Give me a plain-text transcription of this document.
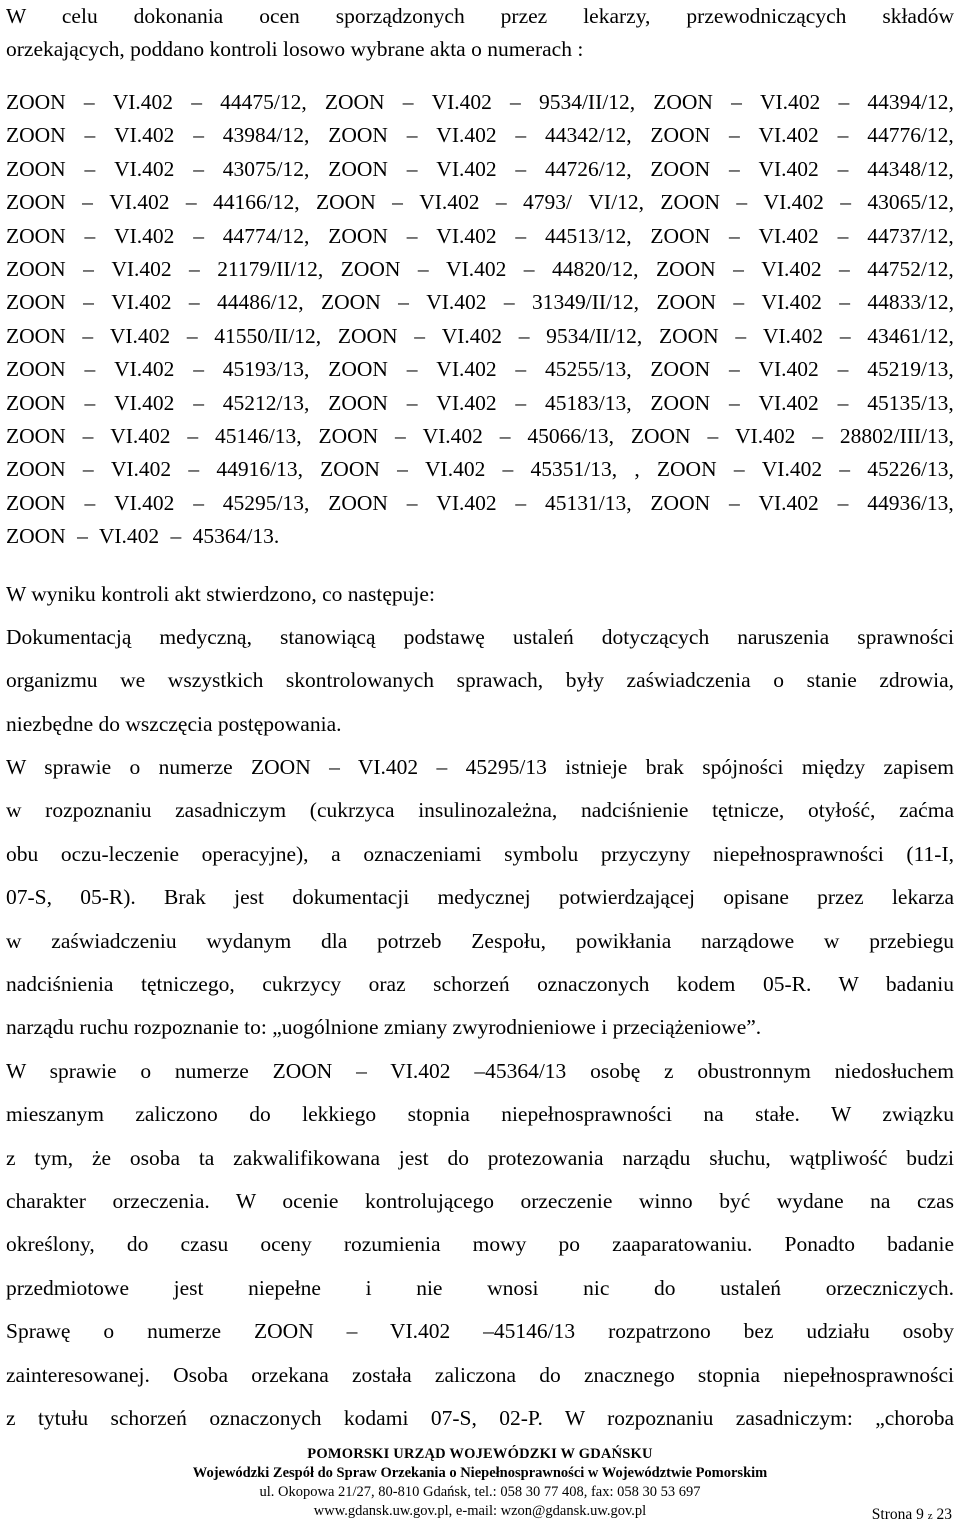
W celu dokonania ocen sporządzonych przez lekarzy, przewodniczących składów

orzekających, poddano kontroli losowo wybrane akta o numerach :

ZOON – VI.402 – 44475/12, ZOON – VI.402 – 9534/II/12, ZOON – VI.402 – 44394/12,
ZOON – VI.402 – 43984/12, ZOON – VI.402 – 44342/12, ZOON – VI.402 – 44776/12,
ZOON – VI.402 – 43075/12, ZOON – VI.402 – 44726/12, ZOON – VI.402 – 44348/12,
ZOON – VI.402 – 44166/12, ZOON – VI.402 – 4793/ VI/12, ZOON – VI.402 – 43065/12,
ZOON – VI.402 – 44774/12, ZOON – VI.402 – 44513/12, ZOON – VI.402 – 44737/12,
ZOON – VI.402 – 21179/II/12, ZOON – VI.402 – 44820/12, ZOON – VI.402 – 44752/12,
ZOON – VI.402 – 44486/12, ZOON – VI.402 – 31349/II/12, ZOON – VI.402 – 44833/12,
ZOON – VI.402 – 41550/II/12, ZOON – VI.402 – 9534/II/12, ZOON – VI.402 – 43461/12,
ZOON – VI.402 – 45193/13, ZOON – VI.402 – 45255/13, ZOON – VI.402 – 45219/13,
ZOON – VI.402 – 45212/13, ZOON – VI.402 – 45183/13, ZOON – VI.402 – 45135/13,
ZOON – VI.402 – 45146/13, ZOON – VI.402 – 45066/13, ZOON – VI.402 – 28802/III/13,
ZOON – VI.402 – 44916/13, ZOON – VI.402 – 45351/13, , ZOON – VI.402 – 45226/13,
ZOON – VI.402 – 45295/13, ZOON – VI.402 – 45131/13, ZOON – VI.402 – 44936/13,
ZOON – VI.402 – 45364/13.
W wyniku kontroli akt stwierdzono, co następuje:
Dokumentacją medyczną, stanowiącą podstawę ustaleń dotyczących naruszenia sprawności
organizmu we wszystkich skontrolowanych sprawach, były zaświadczenia o stanie zdrowia,
niezbędne do wszczęcia postępowania.
W sprawie o numerze ZOON – VI.402 – 45295/13 istnieje brak spójności między zapisem
w rozpoznaniu zasadniczym (cukrzyca insulinozależna, nadciśnienie tętnicze, otyłość, zaćma
obu oczu-leczenie operacyjne), a oznaczeniami symbolu przyczyny niepełnosprawności (11-I,
07-S, 05-R). Brak jest dokumentacji medycznej potwierdzającej opisane przez lekarza
w zaświadczeniu wydanym dla potrzeb Zespołu, powikłania narządowe w przebiegu
nadciśnienia tętniczego, cukrzycy oraz schorzeń oznaczonych kodem 05-R. W badaniu
narządu ruchu rozpoznanie to: „uogólnione zmiany zwyrodnieniowe i przeciążeniowe”.
W sprawie o numerze ZOON – VI.402 –45364/13 osobę z obustronnym niedosłuchem
mieszanym zaliczono do lekkiego stopnia niepełnosprawności na stałe. W związku
z tym, że osoba ta zakwalifikowana jest do protezowania narządu słuchu, wątpliwość budzi
charakter orzeczenia. W ocenie kontrolującego orzeczenie winno być wydane na czas
określony, do czasu oceny rozumienia mowy po zaaparatowaniu. Ponadto badanie
przedmiotowe jest niepełne i nie wnosi nic do ustaleń orzeczniczych.
Sprawę o numerze ZOON – VI.402 –45146/13 rozpatrzono bez udziału osoby
zainteresowanej. Osoba orzekana została zaliczona do znacznego stopnia niepełnosprawności
z tytułu schorzeń oznaczonych kodami 07-S, 02-P. W rozpoznaniu zasadniczym: „choroba
POMORSKI URZĄD WOJEWÓDZKI W GDAŃSKU
Wojewódzki Zespół do Spraw Orzekania o Niepełnosprawności w Województwie Pomorskim
ul. Okopowa 21/27, 80-810 Gdańsk, tel.: 058 30 77 408, fax: 058 30 53 697
www.gdansk.uw.gov.pl, e-mail: wzon@gdansk.uw.gov.pl	Strona 9 z 23
